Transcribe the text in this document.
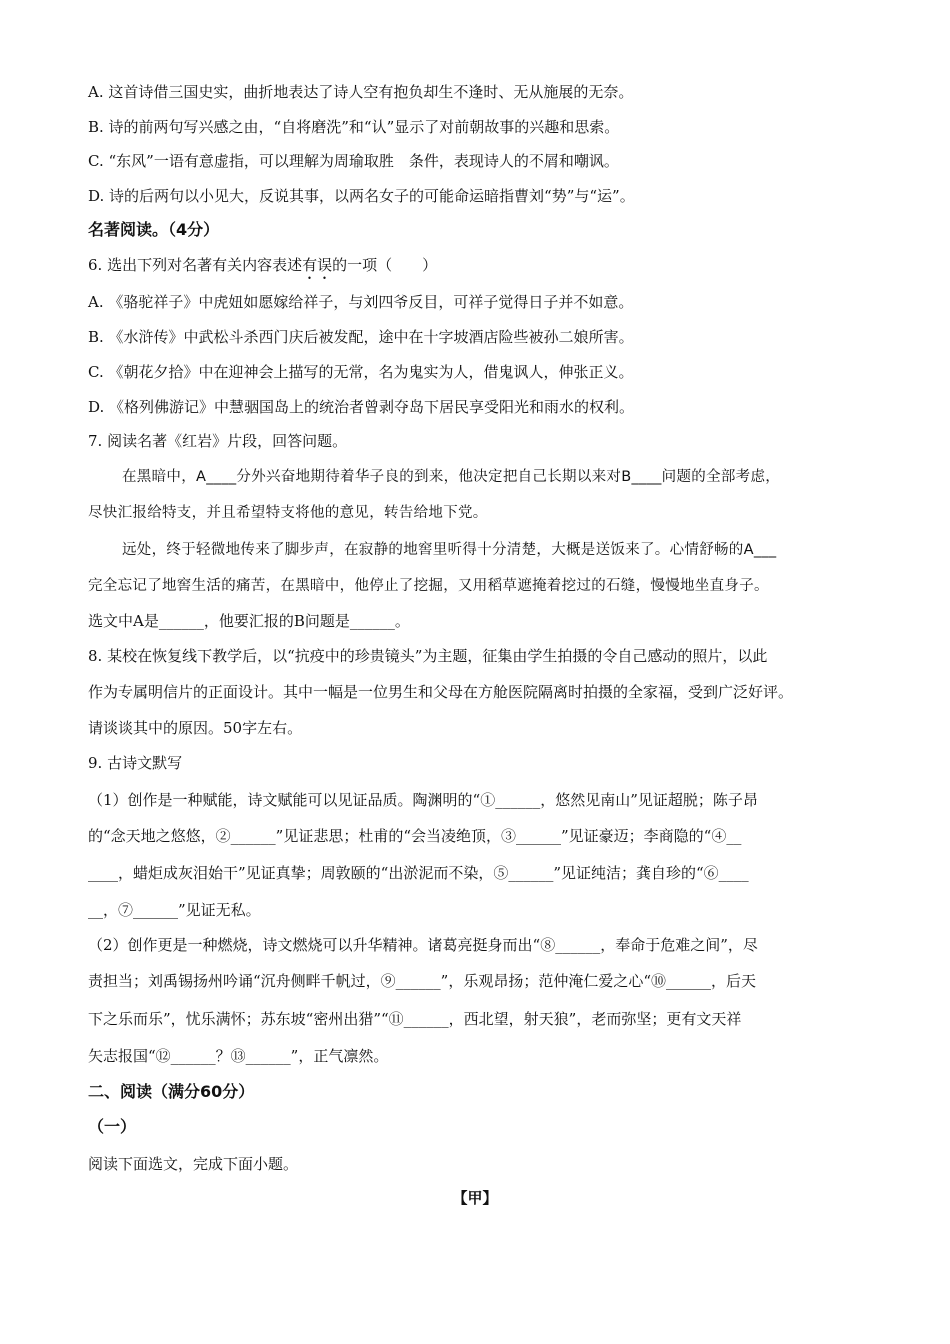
A. 这首诗借三国史实，曲折地表达了诗人空有抱负却生不逢时、无从施展的无奈。
B. 诗的前两句写兴感之由，“自将磨洗”和“认”显示了对前朝故事的兴趣和思索。
C. “东风”一语有意虚指，可以理解为周瑜取胜　条件，表现诗人的不屑和嘲讽。
D. 诗的后两句以小见大，反说其事，以两名女子的可能命运暗指曹刘“势”与“运”。
名著阅读。（4分）
6. 选出下列对名著有关内容表述有误的一项（　　）
A. 《骆驼祥子》中虎妞如愿嫁给祥子，与刘四爷反目，可祥子觉得日子并不如意。
B. 《水浒传》中武松斗杀西门庆后被发配，途中在十字坡酒店险些被孙二娘所害。
C. 《朝花夕拾》中在迎神会上描写的无常，名为鬼实为人，借鬼讽人，伸张正义。
D. 《格列佛游记》中慧骃国岛上的统治者曾剥夺岛下居民享受阳光和雨水的权利。
7. 阅读名著《红岩》片段，回答问题。
在黑暗中，A____分外兴奋地期待着华子良的到来，他决定把自己长期以来对B____问题的全部考虑，
尽快汇报给特支，并且希望特支将他的意见，转告给地下党。
远处，终于轻微地传来了脚步声，在寂静的地窖里听得十分清楚，大概是送饭来了。心情舒畅的A___
完全忘记了地窖生活的痛苦，在黑暗中，他停止了挖掘，又用稻草遮掩着挖过的石缝，慢慢地坐直身子。
选文中A是______，他要汇报的B问题是______。
8. 某校在恢复线下教学后，以“抗疫中的珍贵镜头”为主题，征集由学生拍摄的令自己感动的照片，以此
作为专属明信片的正面设计。其中一幅是一位男生和父母在方舱医院隔离时拍摄的全家福，受到广泛好评。
请谈谈其中的原因。50字左右。
9. 古诗文默写
（1）创作是一种赋能，诗文赋能可以见证品质。陶渊明的“①______，悠然见南山”见证超脱；陈子昂
的“念天地之悠悠，②______”见证悲思；杜甫的“会当凌绝顶，③______”见证豪迈；李商隐的“④__
____，蜡炬成灰泪始干”见证真挚；周敦颐的“出淤泥而不染，⑤______”见证纯洁；龚自珍的“⑥____
__，⑦______”见证无私。
（2）创作更是一种燃烧，诗文燃烧可以升华精神。诸葛亮挺身而出“⑧______，奉命于危难之间”，尽
责担当；刘禹锡扬州吟诵“沉舟侧畔千帆过，⑨______”，乐观昂扬；范仲淹仁爱之心“⑩______，后天
下之乐而乐”，忧乐满怀；苏东坡“密州出猎”“⑪______，西北望，射天狼”，老而弥坚；更有文天祥
矢志报国“⑫______？⑬______”，正气凛然。
二、阅读（满分60分）
（一）
阅读下面选文，完成下面小题。
【甲】
